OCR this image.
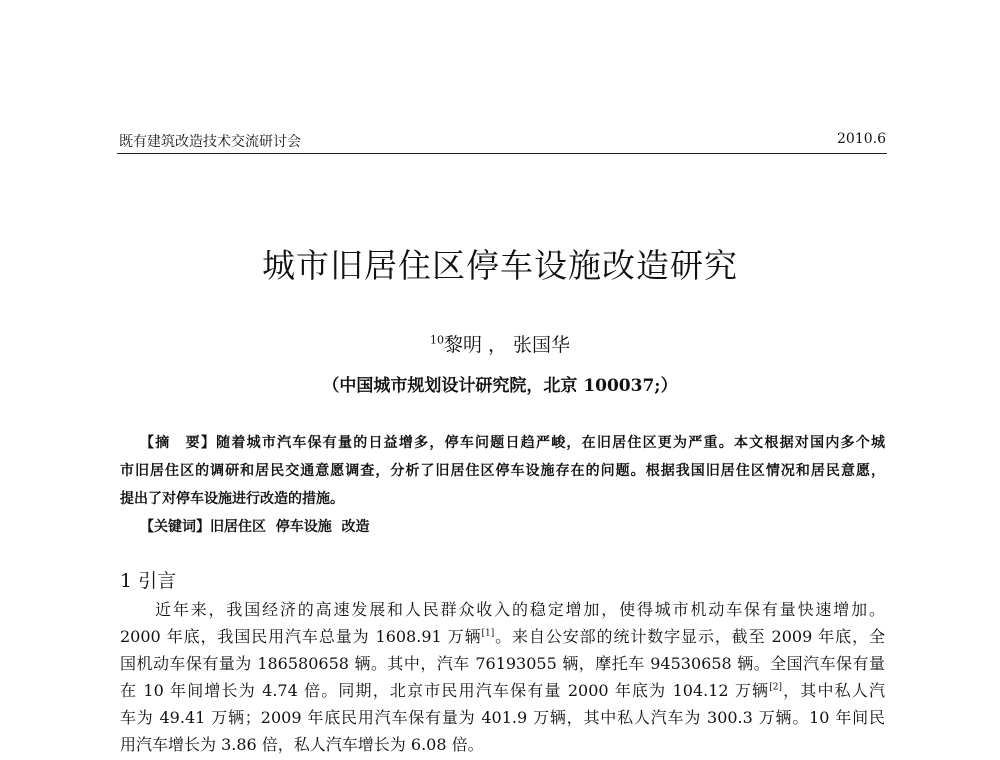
既有建筑改造技术交流研讨会	2010.6
城市旧居住区停车设施改造研究
$^{10}$黎明 ， 张国华
（中国城市规划设计研究院，北京 100037;）
【摘　要】随着城市汽车保有量的日益增多，停车问题日趋严峻，在旧居住区更为严重。本文根据对国内多个城
市旧居住区的调研和居民交通意愿调查，分析了旧居住区停车设施存在的问题。根据我国旧居住区情况和居民意愿，
提出了对停车设施进行改造的措施。
【关键词】旧居住区  停车设施  改造
1 引言
近年来，我国经济的高速发展和人民群众收入的稳定增加，使得城市机动车保有量快速增加。
2000 年底，我国民用汽车总量为 1608.91 万辆[1]。来自公安部的统计数字显示，截至 2009 年底，全
国机动车保有量为 186580658 辆。其中，汽车 76193055 辆，摩托车 94530658 辆。全国汽车保有量
在 10 年间增长为 4.74 倍。同期，北京市民用汽车保有量 2000 年底为 104.12 万辆[2]，其中私人汽
车为 49.41 万辆；2009 年底民用汽车保有量为 401.9 万辆，其中私人汽车为 300.3 万辆。10 年间民
用汽车增长为 3.86 倍，私人汽车增长为 6.08 倍。
